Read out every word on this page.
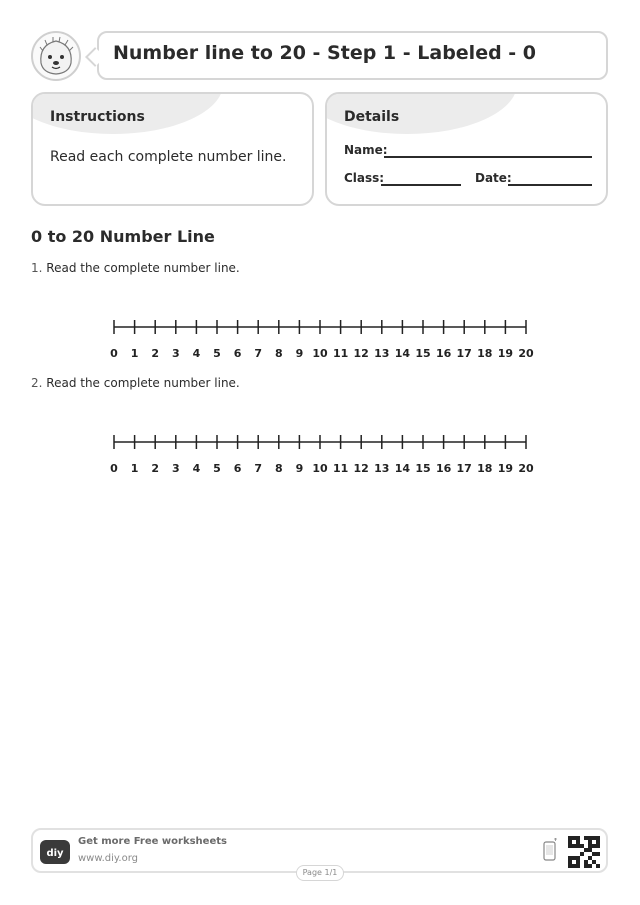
Number line to 20 - Step 1 - Labeled - 0
Instructions
Read each complete number line.
Details
Name:
Class:	Date:
0 to 20 Number Line
1. Read the complete number line.
0 1 2 3 4 5 6 7 8 9 10 11 12 13 14 15 16 17 18 19 20
2. Read the complete number line.
0 1 2 3 4 5 6 7 8 9 10 11 12 13 14 15 16 17 18 19 20
diy
Get more Free worksheets
www.diy.org
Page 1/1
